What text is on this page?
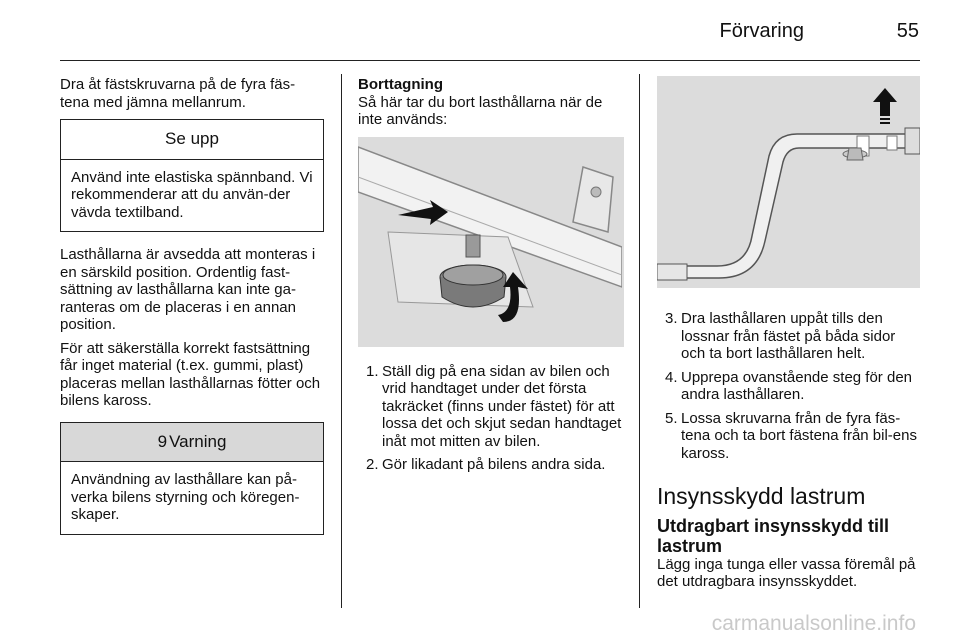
Förvaring	55

Dra åt fästskruvarna på de fyra fäs-tena med jämna mellanrum.

Se upp
Använd inte elastiska spännband. Vi rekommenderar att du använ-der vävda textilband.

Lasthållarna är avsedda att monteras i en särskild position. Ordentlig fast-sättning av lasthållarna kan inte ga-ranteras om de placeras i en annan position.

För att säkerställa korrekt fastsättning får inget material (t.ex. gummi, plast) placeras mellan lasthållarnas fötter och bilens kaross.

9 Varning
Användning av lasthållare kan på-verka bilens styrning och köregen-skaper.
Borttagning

Så här tar du bort lasthållarna när de inte används:

1. Ställ dig på ena sidan av bilen och vrid handtaget under det första takräcket (finns under fästet) för att lossa det och skjut sedan handtaget inåt mot mitten av bilen.
2. Gör likadant på bilens andra sida.
3. Dra lasthållaren uppåt tills den lossnar från fästet på båda sidor och ta bort lasthållaren helt.
4. Upprepa ovanstående steg för den andra lasthållaren.
5. Lossa skruvarna från de fyra fäs-tena och ta bort fästena från bil-ens kaross.
Insynsskydd lastrum
Utdragbart insynsskydd till lastrum

Lägg inga tunga eller vassa föremål på det utdragbara insynsskyddet.

carmanualsonline.info
